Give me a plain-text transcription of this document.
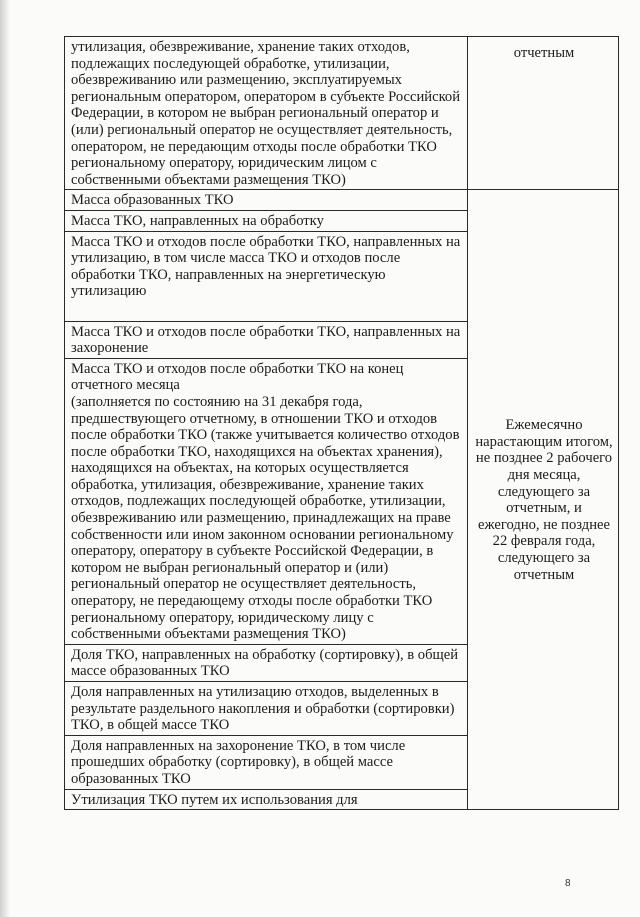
утилизация, обезвреживание, хранение таких отходов, подлежащих последующей обработке, утилизации, обезвреживанию или размещению, эксплуатируемых региональным оператором, оператором в субъекте Российской Федерации, в котором не выбран региональный оператор и (или) региональный оператор не осуществляет деятельность, оператором, не передающим отходы после обработки ТКО региональному оператору, юридическим лицом с собственными объектами размещения ТКО)	отчетным
Масса образованных ТКО	Ежемесячно нарастающим итогом, не позднее 2 рабочего дня месяца, следующего за отчетным, и ежегодно, не позднее 22 февраля года, следующего за отчетным
Масса ТКО, направленных на обработку	
Масса ТКО и отходов после обработки ТКО, направленных на утилизацию, в том числе масса ТКО и отходов после обработки ТКО, направленных на энергетическую утилизацию	
Масса ТКО и отходов после обработки ТКО, направленных на захоронение	

Масса ТКО и отходов после обработки ТКО на конец отчетного месяца
(заполняется по состоянию на 31 декабря года, предшествующего отчетному, в отношении ТКО и отходов после обработки ТКО (также учитывается количество отходов после обработки ТКО, находящихся на объектах хранения), находящихся на объектах, на которых осуществляется обработка, утилизация, обезвреживание, хранение таких отходов, подлежащих последующей обработке, утилизации, обезвреживанию или размещению, принадлежащих на праве собственности или ином законном основании региональному оператору, оператору в субъекте Российской Федерации, в котором не выбран региональный оператор и (или) региональный оператор не осуществляет деятельность, оператору, не передающему отходы после обработки ТКО региональному оператору, юридическому лицу с собственными объектами размещения ТКО)	

Доля ТКО, направленных на обработку (сортировку), в общей массе образованных ТКО	
Доля направленных на утилизацию отходов, выделенных в результате раздельного накопления и обработки (сортировки) ТКО, в общей массе ТКО	
Доля направленных на захоронение ТКО, в том числе прошедших обработку (сортировку), в общей массе образованных ТКО	
Утилизация ТКО путем их использования для	
8
